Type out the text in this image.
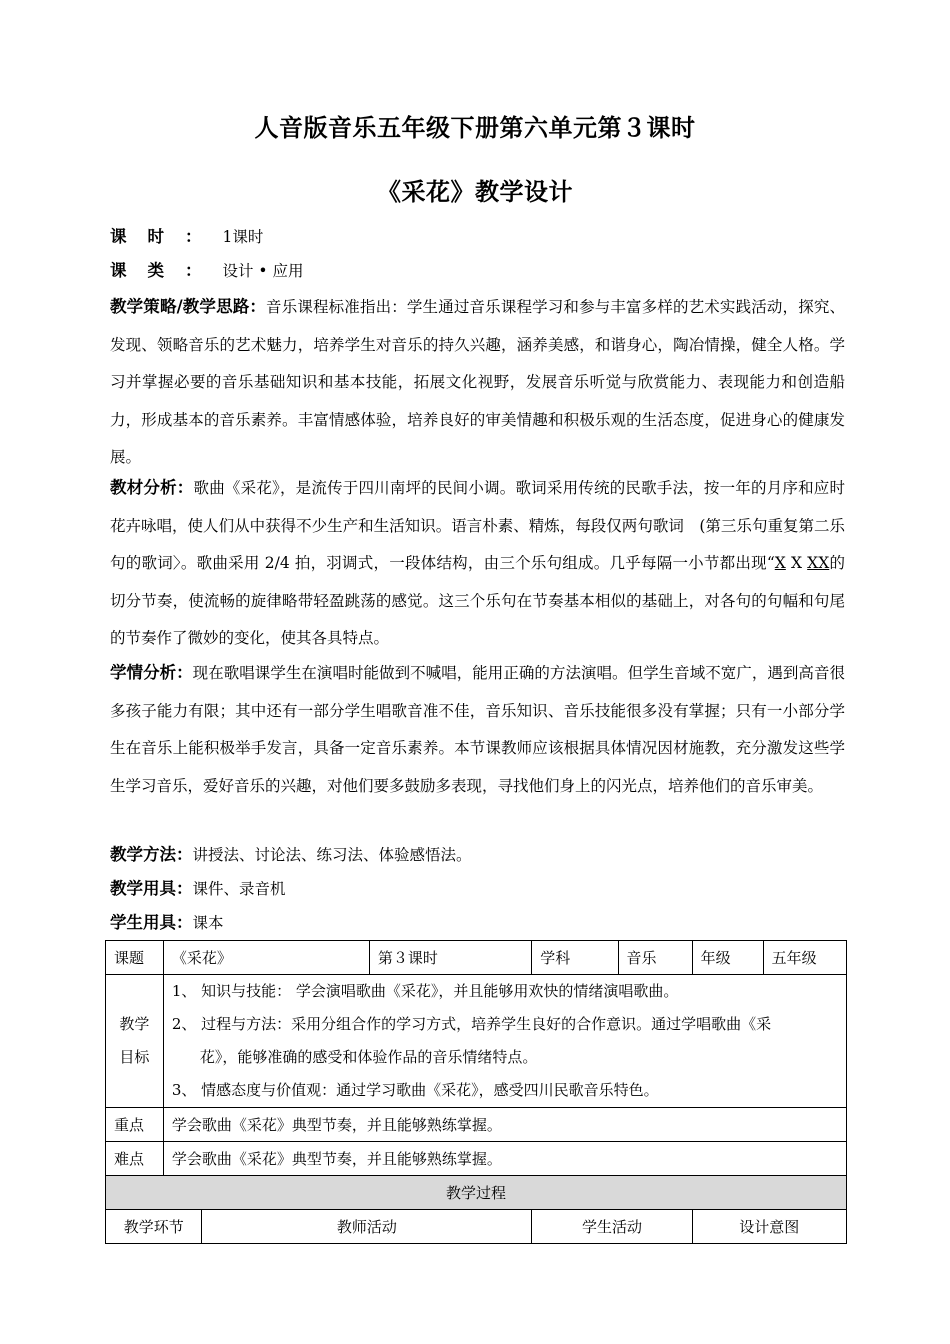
人音版音乐五年级下册第六单元第３课时
《采花》教学设计
课时：1课时
课类：设计 • 应用
教学策略/教学思路：音乐课程标准指出：学生通过音乐课程学习和参与丰富多样的艺术实践活动，探究、发现、领略音乐的艺术魅力，培养学生对音乐的持久兴趣，涵养美感，和谐身心，陶冶情操，健全人格。学习并掌握必要的音乐基础知识和基本技能，拓展文化视野，发展音乐听觉与欣赏能力、表现能力和创造船力，形成基本的音乐素养。丰富情感体验，培养良好的审美情趣和积极乐观的生活态度，促进身心的健康发展。
教材分析：歌曲《采花》，是流传于四川南坪的民间小调。歌词采用传统的民歌手法，按一年的月序和应时花卉咏唱，使人们从中获得不少生产和生活知识。语言朴素、精炼，每段仅两句歌词　(第三乐句重复第二乐句的歌词〉。歌曲采用 2/4 拍，羽调式，一段体结构，由三个乐句组成。几乎每隔一小节都出现“X X XX的切分节奏，使流畅的旋律略带轻盈跳荡的感觉。这三个乐句在节奏基本相似的基础上，对各句的句幅和句尾的节奏作了微妙的变化，使其各具特点。
学情分析：现在歌唱课学生在演唱时能做到不喊唱，能用正确的方法演唱。但学生音域不宽广，遇到高音很多孩子能力有限；其中还有一部分学生唱歌音准不佳，音乐知识、音乐技能很多没有掌握；只有一小部分学生在音乐上能积极举手发言，具备一定音乐素养。本节课教师应该根据具体情况因材施教，充分激发这些学生学习音乐，爱好音乐的兴趣，对他们要多鼓励多表现，寻找他们身上的闪光点，培养他们的音乐审美。
教学方法：讲授法、讨论法、练习法、体验感悟法。
教学用具：课件、录音机
学生用具：课本
课题	《采花》		第３课时	学科	音乐	年级	五年级
教学目标	1、 知识与技能： 学会演唱歌曲《采花》，并且能够用欢快的情绪演唱歌曲。
2、 过程与方法：采用分组合作的学习方式，培养学生良好的合作意识。通过学唱歌曲《采
花》，能够准确的感受和体验作品的音乐情绪特点。
3、 情感态度与价值观：通过学习歌曲《采花》，感受四川民歌音乐特色。						

重点	学会歌曲《采花》典型节奏，并且能够熟练掌握。						
难点	学会歌曲《采花》典型节奏，并且能够熟练掌握。						
教学过程							
教学环节		教师活动		学生活动		设计意图	
